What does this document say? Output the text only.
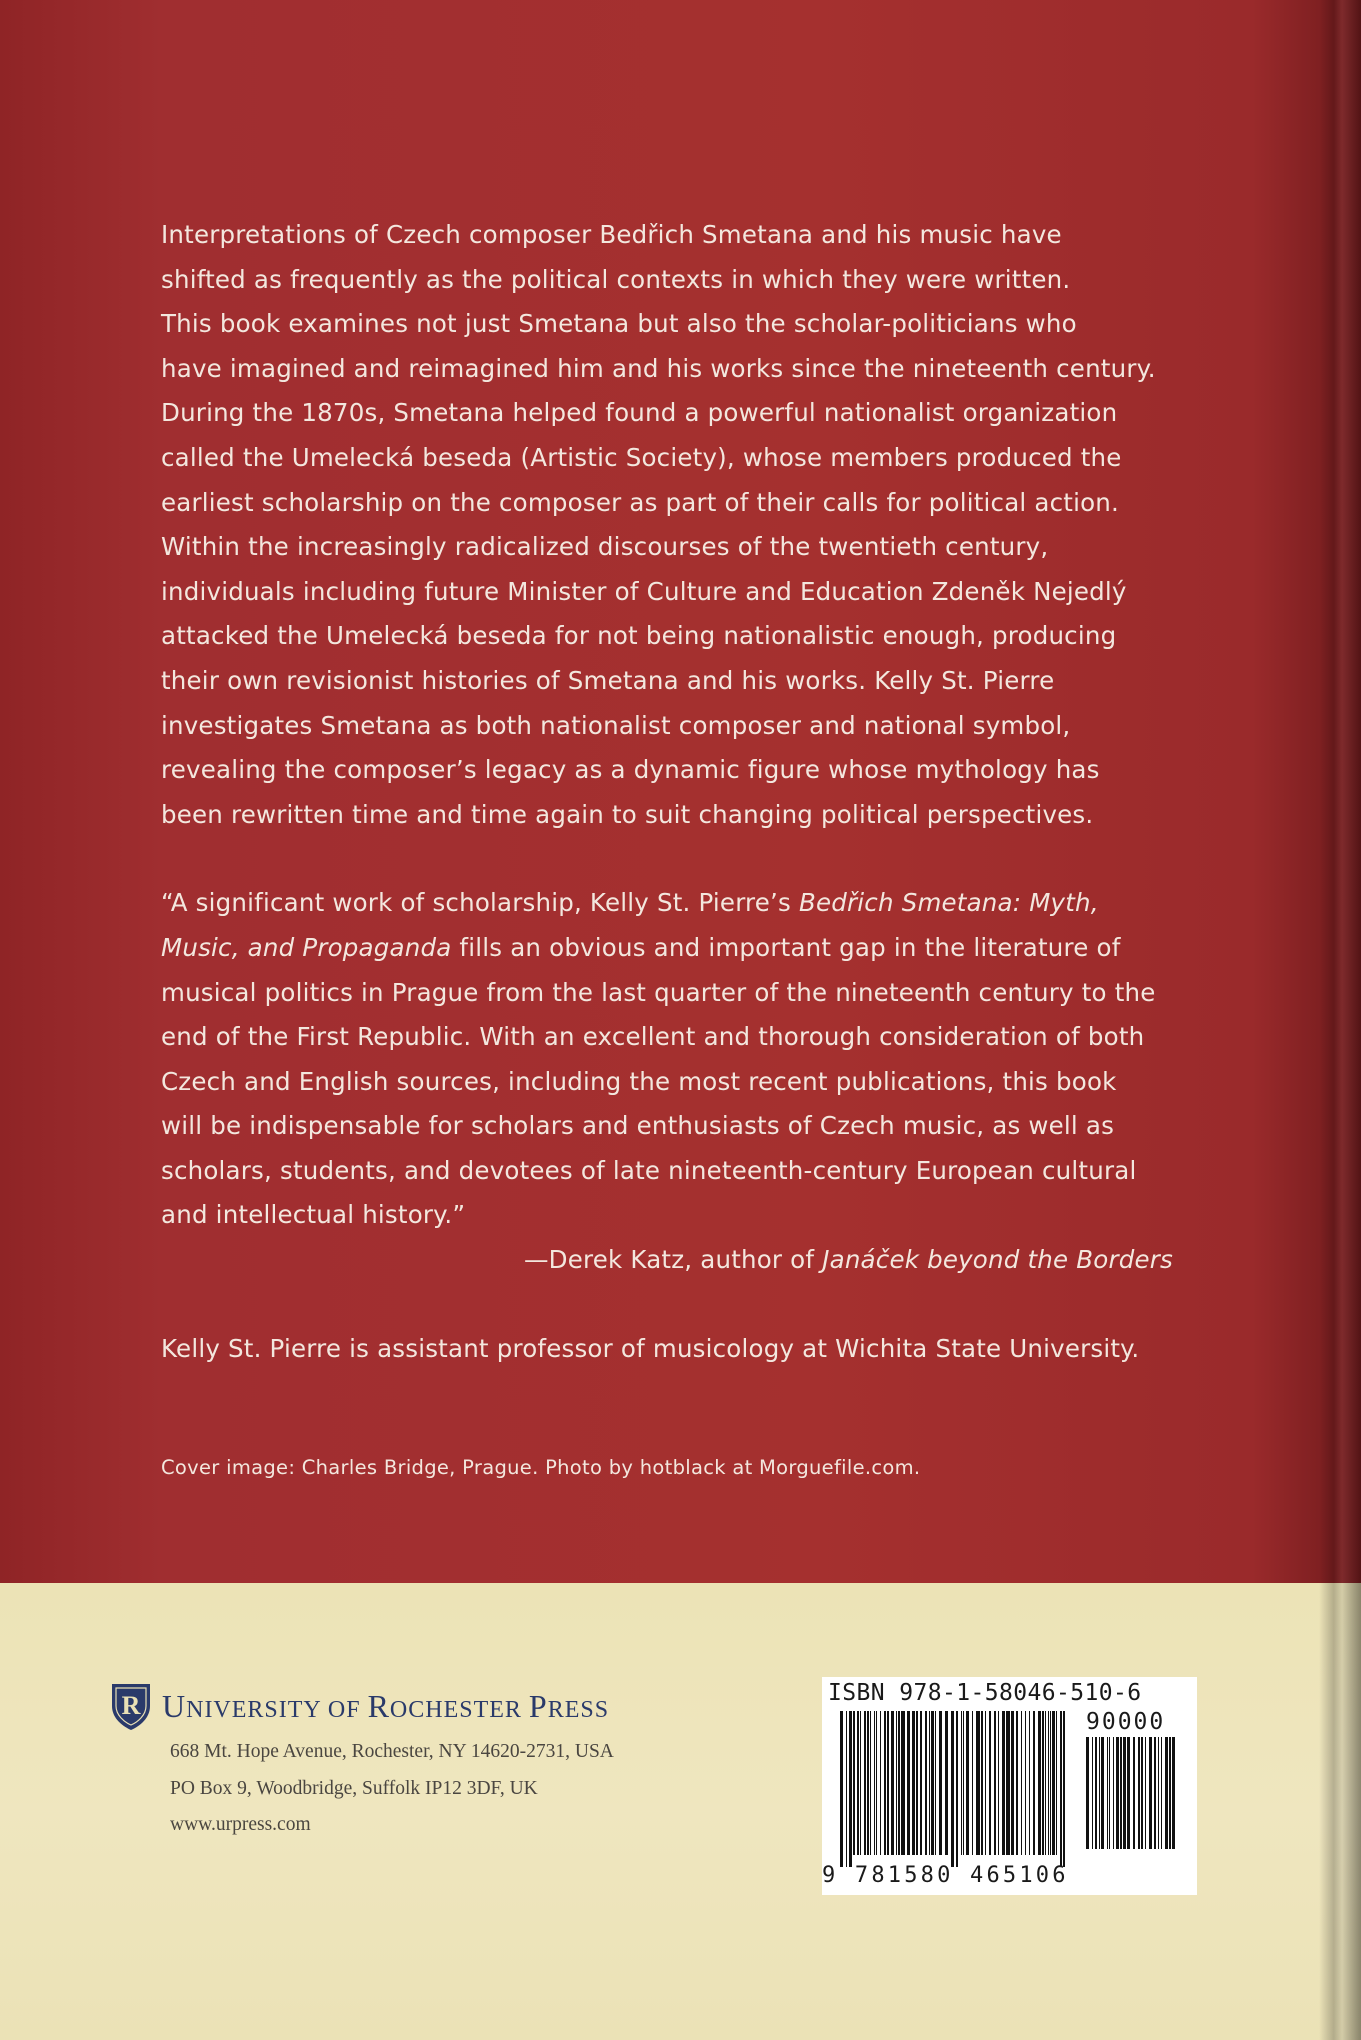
Interpretations of Czech composer Bedřich Smetana and his music have

shifted as frequently as the political contexts in which they were written.

This book examines not just Smetana but also the scholar-politicians who

have imagined and reimagined him and his works since the nineteenth century.

During the 1870s, Smetana helped found a powerful nationalist organization

called the Umelecká beseda (Artistic Society), whose members produced the

earliest scholarship on the composer as part of their calls for political action.

Within the increasingly radicalized discourses of the twentieth century,

individuals including future Minister of Culture and Education Zdeněk Nejedlý

attacked the Umelecká beseda for not being nationalistic enough, producing

their own revisionist histories of Smetana and his works. Kelly St. Pierre

investigates Smetana as both nationalist composer and national symbol,

revealing the composer’s legacy as a dynamic figure whose mythology has

been rewritten time and time again to suit changing political perspectives.

“A significant work of scholarship, Kelly St. Pierre’s Bedřich Smetana: Myth,

Music, and Propaganda fills an obvious and important gap in the literature of

musical politics in Prague from the last quarter of the nineteenth century to the

end of the First Republic. With an excellent and thorough consideration of both

Czech and English sources, including the most recent publications, this book

will be indispensable for scholars and enthusiasts of Czech music, as well as

scholars, students, and devotees of late nineteenth-century European cultural

and intellectual history.”

—Derek Katz, author of Janáček beyond the Borders

Kelly St. Pierre is assistant professor of musicology at Wichita State University.

Cover image: Charles Bridge, Prague. Photo by hotblack at Morguefile.com.
R UNIVERSITY OF ROCHESTER PRESS
668 Mt. Hope Avenue, Rochester, NY 14620-2731, USA
PO Box 9, Woodbridge, Suffolk IP12 3DF, UK
www.urpress.com
ISBN 978-1-58046-510-6
90000
9 781580 465106
